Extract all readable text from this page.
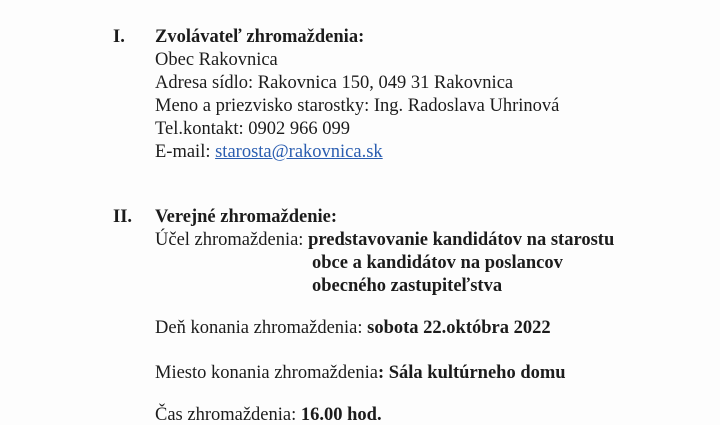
I. Zvolávateľ zhromaždenia:
Obec Rakovnica
Adresa sídlo: Rakovnica 150, 049 31 Rakovnica
Meno a priezvisko starostky: Ing. Radoslava Uhrinová
Tel.kontakt: 0902 966 099
E-mail: starosta@rakovnica.sk
II. Verejné zhromaždenie:
Účel zhromaždenia: predstavovanie kandidátov na starostu
obce a kandidátov na poslancov
obecného zastupiteľstva
Deň konania zhromaždenia: sobota 22.októbra 2022
Miesto konania zhromaždenia: Sála kultúrneho domu
Čas zhromaždenia: 16.00 hod.
